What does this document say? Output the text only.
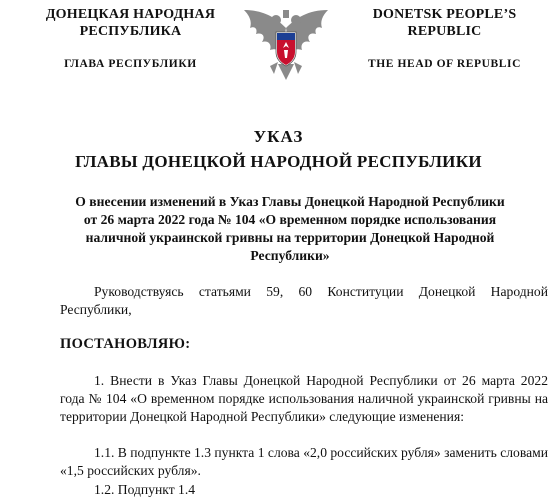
ДОНЕЦКАЯ НАРОДНАЯ
РЕСПУБЛИКА
ГЛАВА РЕСПУБЛИКИ
DONETSK PEOPLE’S
REPUBLIC
THE HEAD OF REPUBLIC
УКАЗ
ГЛАВЫ ДОНЕЦКОЙ НАРОДНОЙ РЕСПУБЛИКИ
О внесении изменений в Указ Главы Донецкой Народной Республики
от 26 марта 2022 года № 104 «О временном порядке использования
наличной украинской гривны на территории Донецкой Народной
Республики»
Руководствуясь статьями 59, 60 Конституции Донецкой Народной Республики,
ПОСТАНОВЛЯЮ:
1. Внести в Указ Главы Донецкой Народной Республики от 26 марта 2022 года № 104 «О временном порядке использования наличной украинской гривны на территории Донецкой Народной Республики» следующие изменения:
1.1. В подпункте 1.3 пункта 1 слова «2,0 российских рубля» заменить словами «1,5 российских рубля».
1.2. Подпункт 1.4
